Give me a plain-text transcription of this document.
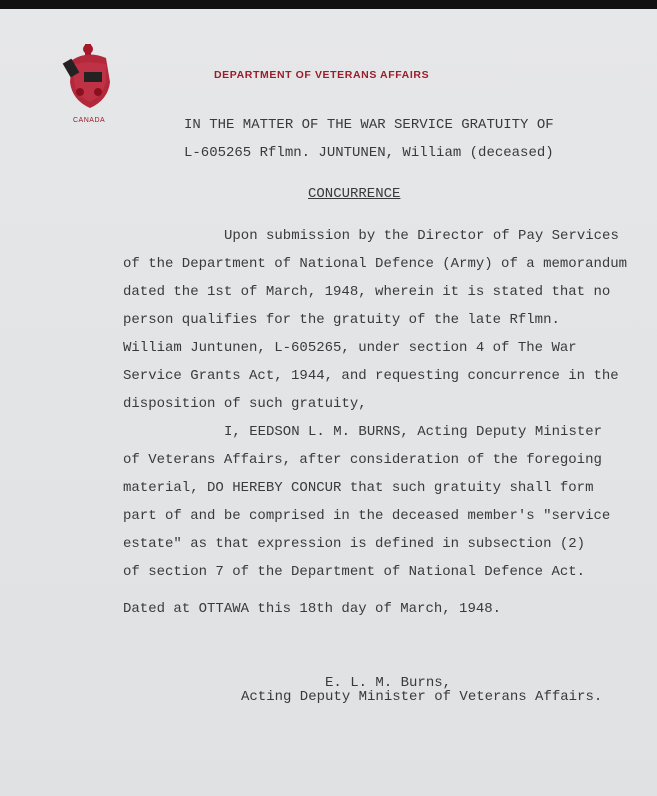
DEPARTMENT OF VETERANS AFFAIRS
CANADA	IN THE MATTER OF THE WAR SERVICE GRATUITY OF
L-605265 Rflmn. JUNTUNEN, William (deceased)
CONCURRENCE
Upon submission by the Director of Pay Services
of the Department of National Defence (Army) of a memorandum
dated the 1st of March, 1948, wherein it is stated that no
person qualifies for the gratuity of the late Rflmn.
William Juntunen, L-605265, under section 4 of The War
Service Grants Act, 1944, and requesting concurrence in the
disposition of such gratuity,
I, EEDSON L. M. BURNS, Acting Deputy Minister
of Veterans Affairs, after consideration of the foregoing
material, DO HEREBY CONCUR that such gratuity shall form
part of and be comprised in the deceased member's "service
estate" as that expression is defined in subsection (2)
of section 7 of the Department of National Defence Act.
Dated at OTTAWA this 18th day of March, 1948.
E. L. M. Burns,
Acting Deputy Minister of Veterans Affairs.
